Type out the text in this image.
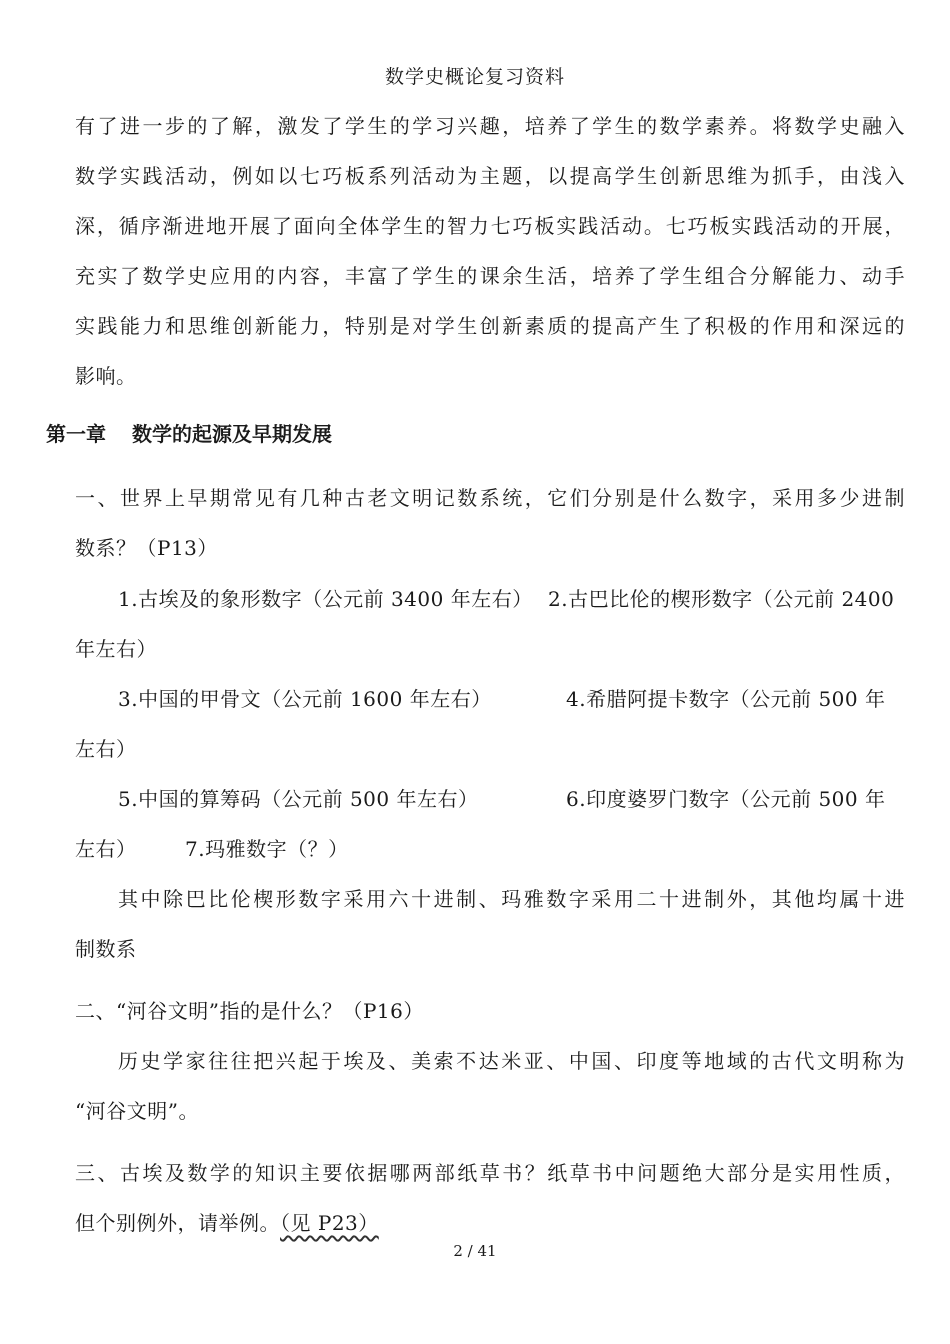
数学史概论复习资料
有了进一步的了解，激发了学生的学习兴趣，培养了学生的数学素养。将数学史融入
数学实践活动，例如以七巧板系列活动为主题，以提高学生创新思维为抓手，由浅入
深，循序渐进地开展了面向全体学生的智力七巧板实践活动。七巧板实践活动的开展，
充实了数学史应用的内容，丰富了学生的课余生活，培养了学生组合分解能力、动手
实践能力和思维创新能力，特别是对学生创新素质的提高产生了积极的作用和深远的
影响。
第一章 数学的起源及早期发展
一、世界上早期常见有几种古老文明记数系统，它们分别是什么数字，采用多少进制
数系？（P13）
1.古埃及的象形数字（公元前 3400 年左右） 2.古巴比伦的楔形数字（公元前 2400
年左右）
3.中国的甲骨文（公元前 1600 年左右）	4.希腊阿提卡数字（公元前 500 年
左右）
5.中国的算筹码（公元前 500 年左右）	6.印度婆罗门数字（公元前 500 年
左右） 7.玛雅数字（？）
其中除巴比伦楔形数字采用六十进制、玛雅数字采用二十进制外，其他均属十进
制数系
二、“河谷文明”指的是什么？（P16）
历史学家往往把兴起于埃及、美索不达米亚、中国、印度等地域的古代文明称为
“河谷文明”。
三、古埃及数学的知识主要依据哪两部纸草书？纸草书中问题绝大部分是实用性质，
但个别例外，请举例。（见 P23）
2 / 41
